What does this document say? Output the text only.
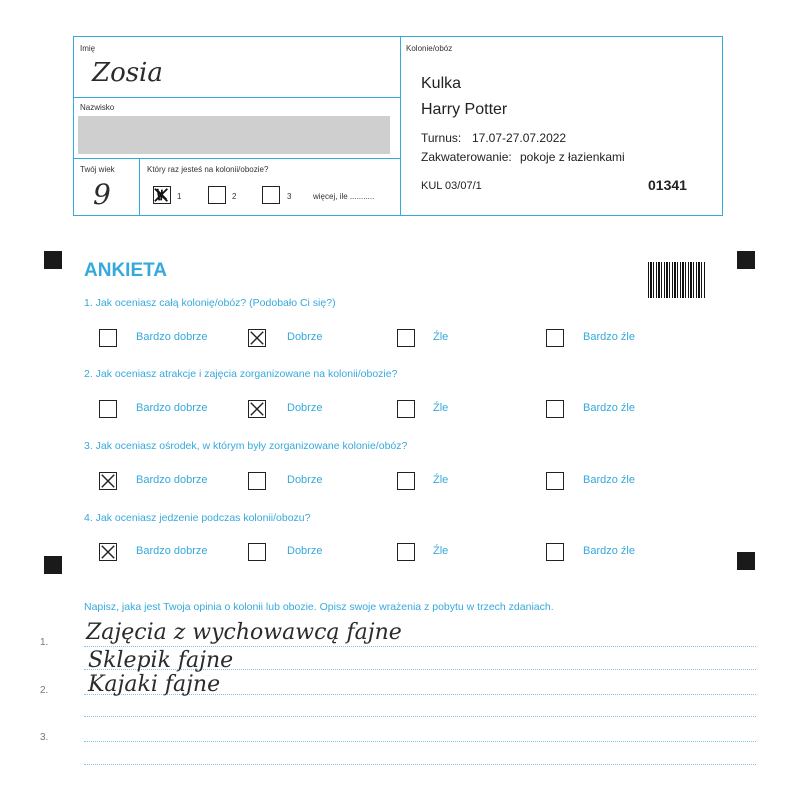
Imię
Zosia
Nazwisko
Twój wiek
9
Który raz jesteś na kolonii/obozie?
1	2	3	więcej, ile ...........
Kolonie/obóz
Kulka
Harry Potter
Turnus: 17.07-27.07.2022
Zakwaterowanie: pokoje z łazienkami
KUL 03/07/1	01341
ANKIETA
1. Jak oceniasz całą kolonię/obóz? (Podobało Ci się?)
2. Jak oceniasz atrakcje i zajęcia zorganizowane na kolonii/obozie?
3. Jak oceniasz ośrodek, w którym były zorganizowane kolonie/obóz?
4. Jak oceniasz jedzenie podczas kolonii/obozu?
Bardzo dobrze	Dobrze	Źle	Bardzo źle
Bardzo dobrze	Dobrze	Źle	Bardzo źle
Bardzo dobrze	Dobrze	Źle	Bardzo źle
Bardzo dobrze	Dobrze	Źle	Bardzo źle
Napisz, jaka jest Twoja opinia o kolonii lub obozie. Opisz swoje wrażenia z pobytu w trzech zdaniach.
1.
2.
3.
Zajęcia z wychowawcą fajne
Sklepik fajne
Kajaki fajne
